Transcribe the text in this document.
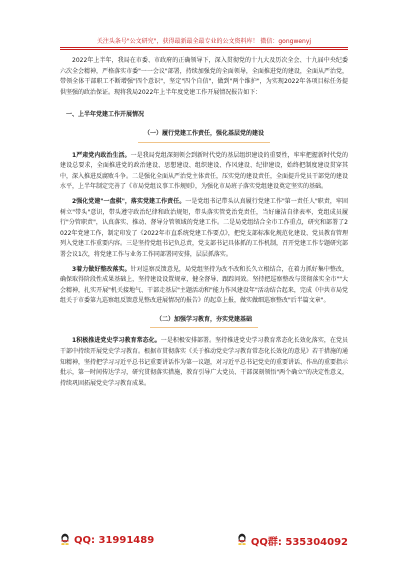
关注头条号"公文研究"，获得最新最全最专业的公文资料库！ 微信：gongwenyj

2022年上半年，我局在市委、市政府的正确领导下，深入贯彻党的十九大及历次全会、十九届中央纪委六次全会精神，严格落实市委"一一会议"部署，持续加强党的全面领导，全面推进党的建设，全面从严治党，带领全体干部职工不断增强"四个意识"，坚定"四个自信"，做到"两个维护"，为实现2022年各项目标任务提供坚强的政治保证。现将我局2022年上半年度党建工作开展情况报告如下：

一、上半年党建工作开展情况

（一）履行党建工作责任，强化基层党的建设

1严肃党内政治生活。一是我局党组深刻领会到新时代党的基层组织建设的重要性，牢牢把握新时代党的建设总要求，全面推进党的政治建设、思想建设、组织建设、作风建设、纪律建设，始终把制度建设贯穿其中，深入推进反腐败斗争。二是强化全面从严治党主体责任，压实党的建设责任，全面提升党员干部党的建设水平，上半年制定完善了《市局党组议事工作规则》，为强化市局班子落实党组建设奠定坚实的基础。

2强化党建"一盘棋"，落实党建工作责任。一是党组书记带头认真履行党建工作"第一责任人"职责，牢固树立"带头"意识，带头遵守政治纪律和政治规矩，带头落实管党治党责任，当好廉洁自律表率，党组成员履行"分管职责"，认真落实、推动、督导分管领域的党建工作。二是局党组结合全市工作重点，研究和部署了2022年党建工作，制定印发了《2022年市直系统党建工作要点》，把党支部标准化规范化建设、党员教育管理列入党建工作重要内容。三是坚持党组书记负总责，党支部书记具体抓的工作机制，召开党建工作专题研究部署会议1次，将党建工作与业务工作同部署同安排，层层抓落实。

3着力做好整改落实。针对巡察反馈意见，局党组坚持为改不改和长久立根结合，在着力抓好集中整改，确保取得阶段性成果基础上，坚持建设设置规章，健全督导、跟踪问效。坚持把巡察整改与贯彻落实全市""大会精神，扎实开展"机关接地气、干部走基层"主题活动和"能力作风建设年"活动结合起来，完成《中共市局党组关于市委第九巡察组反馈意见整改进展情况的报告》的起草上报，做实做细巡察整改"后半篇文章"。

（二）加强学习教育，夯实党建基础

1积极推进党史学习教育常态化。一是积极安排部署。坚持推进党史学习教育常态化长效化落实，在党员干部中持续开展党史学习教育。根据市贯彻落实《关于推动党史学习教育常态化长效化的意见》若干措施的通知精神，坚持把学习习近平总书记重要讲话作为第一议题，对习近平总书记党史的重要讲话、作出的重要指示批示，第一时间传达学习，研究贯彻落实措施，教育引导广大党员、干部深刻领悟"两个确立"的决定性意义，持续巩固拓展党史学习教育成果。

QQ: 31991489	QQ群: 535304092
